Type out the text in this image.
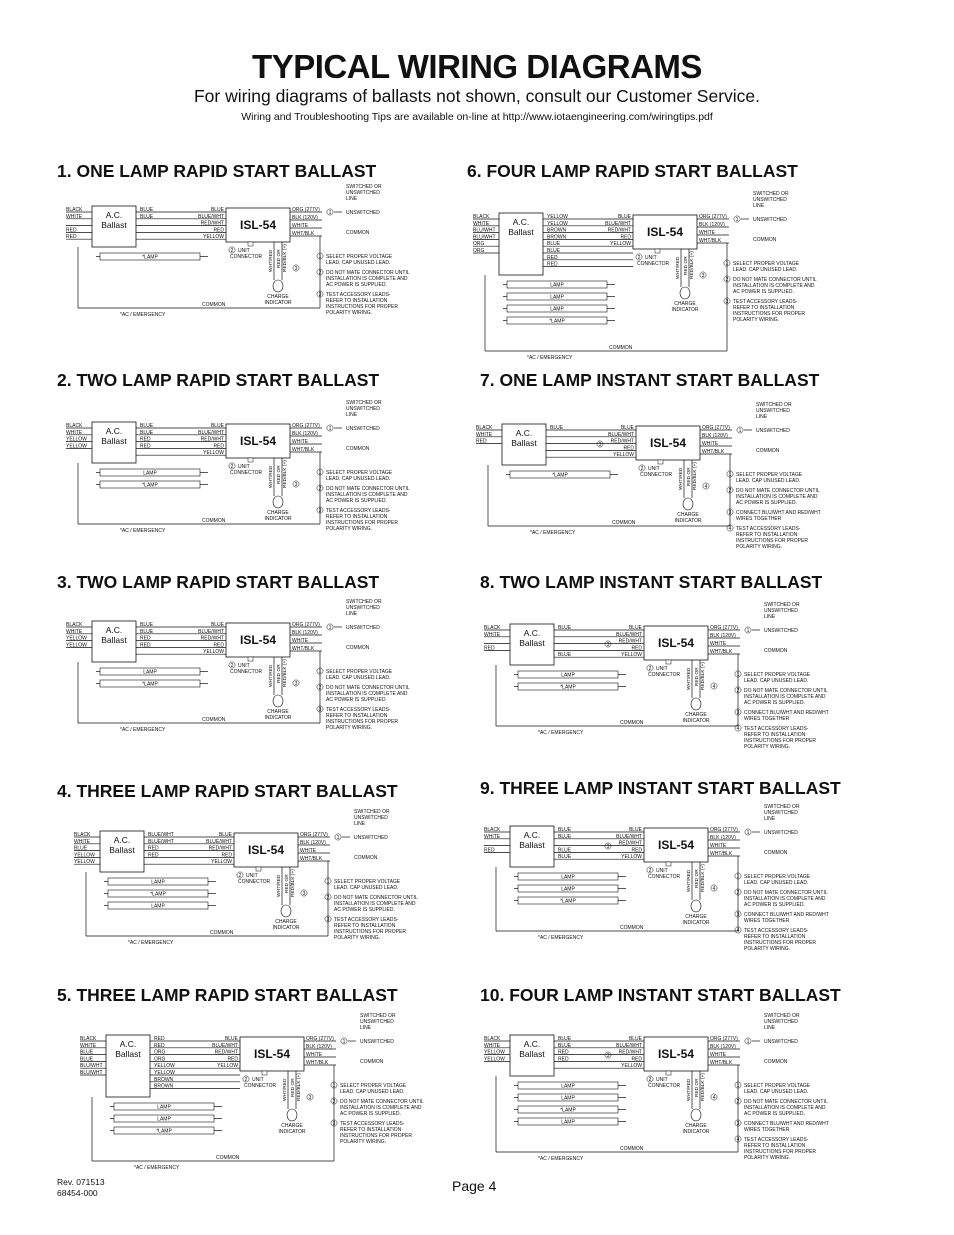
TYPICAL WIRING DIAGRAMS
For wiring diagrams of ballasts not shown, consult our Customer Service.
Wiring and Troubleshooting Tips are available on-line at http://www.iotaengineering.com/wiringtips.pdf
1. ONE LAMP RAPID START BALLAST
2. TWO LAMP RAPID START BALLAST
3. TWO LAMP RAPID START BALLAST
4. THREE LAMP RAPID START BALLAST
5. THREE LAMP RAPID START BALLAST
6. FOUR LAMP RAPID START BALLAST
7. ONE LAMP INSTANT START BALLAST
8. TWO LAMP INSTANT START BALLAST
9. THREE LAMP INSTANT START BALLAST
10. FOUR LAMP INSTANT START BALLAST
BLACK
WHITE
RED
RED
A.C.
Ballast
BLUE	BLUE
BLUE	BLUE/WHT
RED/WHT
RED
YELLOW
ISL-54
ORG (277V)
BLK (120V)
WHITE
WHT/BLK
1
SWITCHED OR
UNSWITCHED
LINE
UNSWITCHED
COMMON
2 UNIT
CONNECTOR WHT/RED RED OR RED/BLK (+) 3
CHARGE
INDICATOR
*LAMP
COMMON
*AC / EMERGENCY
1 SELECT PROPER VOLTAGE
LEAD. CAP UNUSED LEAD.
2 DO NOT MATE CONNECTOR UNTIL
INSTALLATION IS COMPLETE AND
AC POWER IS SUPPLIED.
3 TEST ACCESSORY LEADS-
REFER TO INSTALLATION
INSTRUCTIONS FOR PROPER
POLARITY WIRING.
BLACK
WHITE
YELLOW
YELLOW
A.C.
Ballast
BLUE	BLUE
BLUE	BLUE/WHT
RED	RED/WHT
RED	RED
YELLOW
ISL-54
ORG (277V)
BLK (120V)
WHITE
WHT/BLK
1
SWITCHED OR
UNSWITCHED
LINE
UNSWITCHED
COMMON
2 UNIT
CONNECTOR WHT/RED RED OR RED/BLK (+) 3
CHARGE
INDICATOR
LAMP
*LAMP
COMMON
*AC / EMERGENCY
1 SELECT PROPER VOLTAGE
LEAD. CAP UNUSED LEAD.
2 DO NOT MATE CONNECTOR UNTIL
INSTALLATION IS COMPLETE AND
AC POWER IS SUPPLIED.
3 TEST ACCESSORY LEADS-
REFER TO INSTALLATION
INSTRUCTIONS FOR PROPER
POLARITY WIRING.
BLACK
WHITE
YELLOW
YELLOW
A.C.
Ballast
BLUE	BLUE
BLUE	BLUE/WHT
RED	RED/WHT
RED	RED
YELLOW
ISL-54
ORG (277V)
BLK (120V)
WHITE
WHT/BLK
1
SWITCHED OR
UNSWITCHED
LINE
UNSWITCHED
COMMON
2 UNIT
CONNECTOR WHT/RED RED OR RED/BLK (+) 3
CHARGE
INDICATOR
LAMP
*LAMP
COMMON
*AC / EMERGENCY
1 SELECT PROPER VOLTAGE
LEAD. CAP UNUSED LEAD.
2 DO NOT MATE CONNECTOR UNTIL
INSTALLATION IS COMPLETE AND
AC POWER IS SUPPLIED.
3 TEST ACCESSORY LEADS-
REFER TO INSTALLATION
INSTRUCTIONS FOR PROPER
POLARITY WIRING.
BLACK
WHITE
BLUE
YELLOW
YELLOW
A.C.
Ballast
BLUE/WHT	BLUE
BLUE/WHT	BLUE/WHT
RED	RED/WHT
RED	RED
YELLOW
ISL-54
ORG (277V)
BLK (120V)
WHITE
WHT/BLK
1
SWITCHED OR
UNSWITCHED
LINE
UNSWITCHED
COMMON
2 UNIT
CONNECTOR WHT/RED RED OR RED/BLK (+) 3
CHARGE
INDICATOR
LAMP
*LAMP
LAMP
COMMON
*AC / EMERGENCY
1 SELECT PROPER VOLTAGE
LEAD. CAP UNUSED LEAD.
2 DO NOT MATE CONNECTOR UNTIL
INSTALLATION IS COMPLETE AND
AC POWER IS SUPPLIED.
3 TEST ACCESSORY LEADS-
REFER TO INSTALLATION
INSTRUCTIONS FOR PROPER
POLARITY WIRING.
BLACK
WHITE
BLUE
BLUE
BLU/WHT
BLU/WHT
A.C.
Ballast
RED	BLUE
RED	BLUE/WHT
ORG	RED/WHT
ORG	RED
YELLOW	YELLOW
YELLOW
BROWN
BROWN
ISL-54
ORG (277V)
BLK (120V)
WHITE
WHT/BLK
1
SWITCHED OR
UNSWITCHED
LINE
UNSWITCHED
COMMON
2 UNIT
CONNECTOR WHT/RED RED OR RED/BLK (+) 3
CHARGE
INDICATOR
LAMP
LAMP
*LAMP
COMMON
*AC / EMERGENCY
1 SELECT PROPER VOLTAGE
LEAD. CAP UNUSED LEAD.
2 DO NOT MATE CONNECTOR UNTIL
INSTALLATION IS COMPLETE AND
AC POWER IS SUPPLIED.
3 TEST ACCESSORY LEADS-
REFER TO INSTALLATION
INSTRUCTIONS FOR PROPER
POLARITY WIRING.
BLACK
WHITE
BLU/WHT
BLU/WHT
ORG
ORG
A.C.
Ballast
YELLOW	BLUE
YELLOW	BLUE/WHT
BROWN	RED/WHT
BROWN	RED
BLUE	YELLOW
BLUE
RED
RED
ISL-54
ORG (277V)
BLK (120V)
WHITE
WHT/BLK
1
SWITCHED OR
UNSWITCHED
LINE
UNSWITCHED
COMMON
2 UNIT
CONNECTOR WHT/RED RED OR RED/BLK (+) 3
CHARGE
INDICATOR
LAMP
LAMP
LAMP
*LAMP
COMMON
*AC / EMERGENCY
1 SELECT PROPER VOLTAGE
LEAD. CAP UNUSED LEAD.
2 DO NOT MATE CONNECTOR UNTIL
INSTALLATION IS COMPLETE AND
AC POWER IS SUPPLIED.
3 TEST ACCESSORY LEADS-
REFER TO INSTALLATION
INSTRUCTIONS FOR PROPER
POLARITY WIRING.
BLACK
WHITE
RED
A.C.
Ballast
BLUE	BLUE
BLUE/WHT
RED/WHT
RED
YELLOW
ISL-54
3
ORG (277V)
BLK (120V)
WHITE
WHT/BLK
1
SWITCHED OR
UNSWITCHED
LINE
UNSWITCHED
COMMON
2 UNIT
CONNECTOR WHT/RED RED OR RED/BLK (+) 4
CHARGE
INDICATOR
*LAMP
COMMON
*AC / EMERGENCY
1 SELECT PROPER VOLTAGE
LEAD. CAP UNUSED LEAD.
2 DO NOT MATE CONNECTOR UNTIL
INSTALLATION IS COMPLETE AND
AC POWER IS SUPPLIED.
3 CONNECT BLU/WHT AND RED/WHT
WIRES TOGETHER
4 TEST ACCESSORY LEADS-
REFER TO INSTALLATION
INSTRUCTIONS FOR PROPER
POLARITY WIRING.
BLACK
WHITE
RED
A.C.
Ballast
BLUE	BLUE
BLUE/WHT
RED/WHT
RED
BLUE	YELLOW
ISL-54
3
ORG (277V)
BLK (120V)
WHITE
WHT/BLK
1
SWITCHED OR
UNSWITCHED
LINE
UNSWITCHED
COMMON
2 UNIT
CONNECTOR WHT/RED RED OR RED/BLK (+) 4
CHARGE
INDICATOR
LAMP
*LAMP
COMMON
*AC / EMERGENCY
1 SELECT PROPER VOLTAGE
LEAD. CAP UNUSED LEAD.
2 DO NOT MATE CONNECTOR UNTIL
INSTALLATION IS COMPLETE AND
AC POWER IS SUPPLIED.
3 CONNECT BLU/WHT AND RED/WHT
WIRES TOGETHER
4 TEST ACCESSORY LEADS-
REFER TO INSTALLATION
INSTRUCTIONS FOR PROPER
POLARITY WIRING.
BLACK
WHITE
RED
A.C.
Ballast
BLUE	BLUE
BLUE	BLUE/WHT
RED/WHT
BLUE	RED
BLUE	YELLOW
ISL-54
3
ORG (277V)
BLK (120V)
WHITE
WHT/BLK
1
SWITCHED OR
UNSWITCHED
LINE
UNSWITCHED
COMMON
2 UNIT
CONNECTOR WHT/RED RED OR RED/BLK (+) 4
CHARGE
INDICATOR
LAMP
LAMP
*LAMP
COMMON
*AC / EMERGENCY
1 SELECT PROPER VOLTAGE
LEAD. CAP UNUSED LEAD.
2 DO NOT MATE CONNECTOR UNTIL
INSTALLATION IS COMPLETE AND
AC POWER IS SUPPLIED.
3 CONNECT BLU/WHT AND RED/WHT
WIRES TOGETHER
4 TEST ACCESSORY LEADS-
REFER TO INSTALLATION
INSTRUCTIONS FOR PROPER
POLARITY WIRING.
BLACK
WHITE
YELLOW
YELLOW
A.C.
Ballast
BLUE	BLUE
BLUE	BLUE/WHT
RED	RED/WHT
RED	RED
YELLOW
ISL-54
3
ORG (277V)
BLK (120V)
WHITE
WHT/BLK
1
SWITCHED OR
UNSWITCHED
LINE
UNSWITCHED
COMMON
2 UNIT
CONNECTOR WHT/RED RED OR RED/BLK (+) 4
CHARGE
INDICATOR
LAMP
LAMP
*LAMP
LAMP
COMMON
*AC / EMERGENCY
1 SELECT PROPER VOLTAGE
LEAD. CAP UNUSED LEAD.
2 DO NOT MATE CONNECTOR UNTIL
INSTALLATION IS COMPLETE AND
AC POWER IS SUPPLIED.
3 CONNECT BLU/WHT AND RED/WHT
WIRES TOGETHER
4 TEST ACCESSORY LEADS-
REFER TO INSTALLATION
INSTRUCTIONS FOR PROPER
POLARITY WIRING.
Rev. 071513
68454-000	Page 4
